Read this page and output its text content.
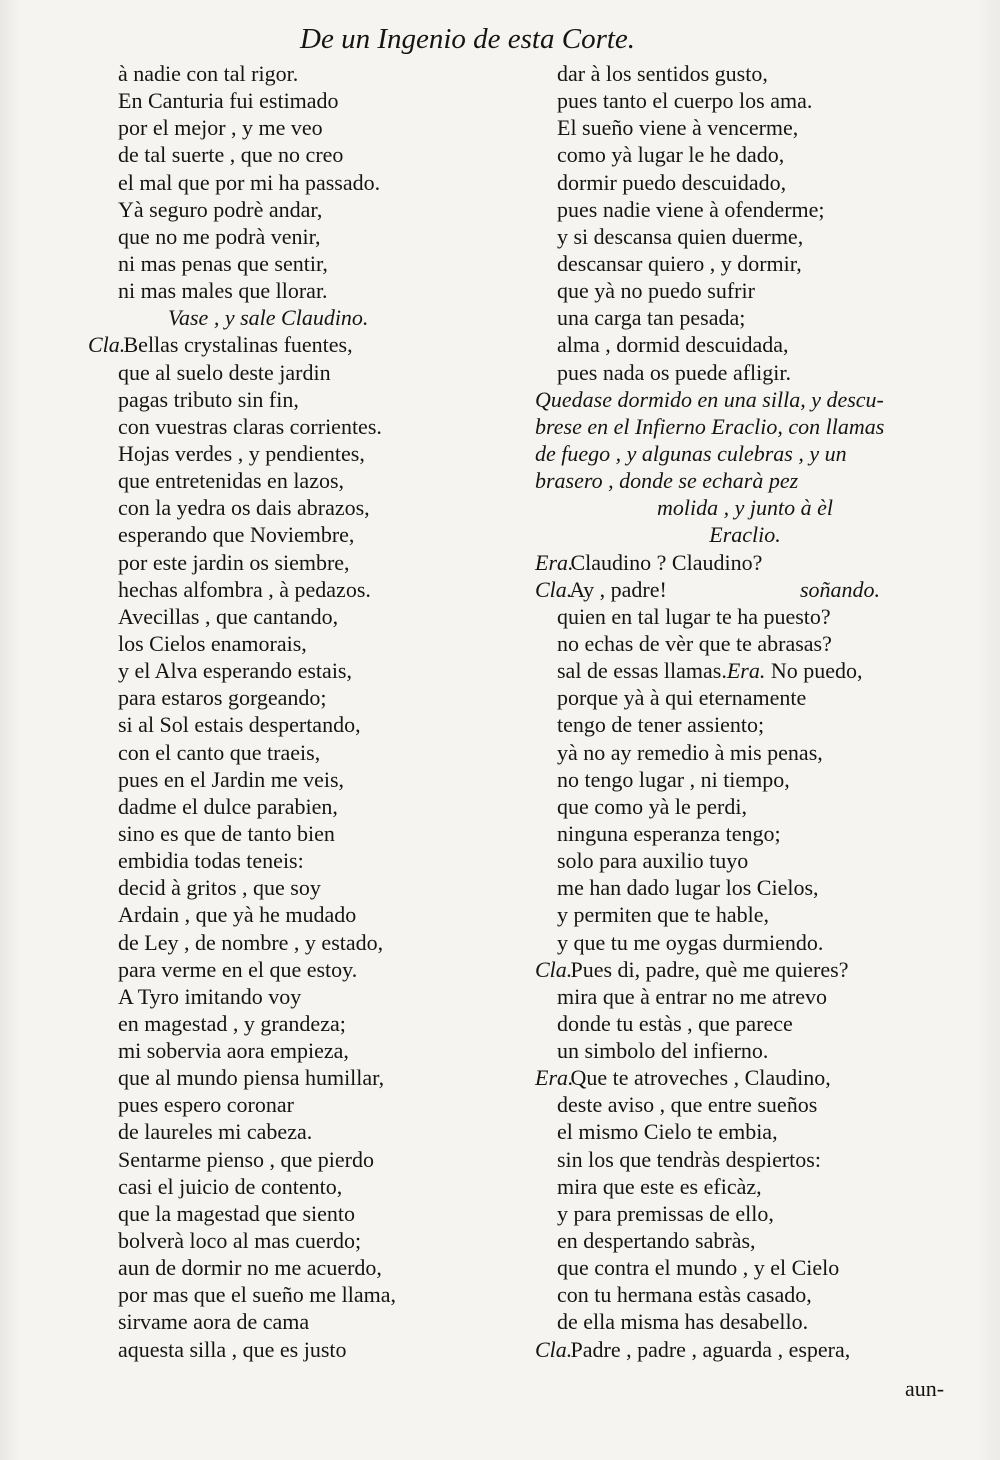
De un Ingenio de esta Corte.
à nadie con tal rigor.
En Canturia fui estimado
por el mejor , y me veo
de tal suerte , que no creo
el mal que por mi ha passado.
Yà seguro podrè andar,
que no me podrà venir,
ni mas penas que sentir,
ni mas males que llorar.
Vase , y sale Claudino.
Cla. Bellas crystalinas fuentes,
que al suelo deste jardin
pagas tributo sin fin,
con vuestras claras corrientes.
Hojas verdes , y pendientes,
que entretenidas en lazos,
con la yedra os dais abrazos,
esperando que Noviembre,
por este jardin os siembre,
hechas alfombra , à pedazos.
Avecillas , que cantando,
los Cielos enamorais,
y el Alva esperando estais,
para estaros gorgeando;
si al Sol estais despertando,
con el canto que traeis,
pues en el Jardin me veis,
dadme el dulce parabien,
sino es que de tanto bien
embidia todas teneis:
decid à gritos , que soy
Ardain , que yà he mudado
de Ley , de nombre , y estado,
para verme en el que estoy.
A Tyro imitando voy
en magestad , y grandeza;
mi sobervia aora empieza,
que al mundo piensa humillar,
pues espero coronar
de laureles mi cabeza.
Sentarme pienso , que pierdo
casi el juicio de contento,
que la magestad que siento
bolverà loco al mas cuerdo;
aun de dormir no me acuerdo,
por mas que el sueño me llama,
sirvame aora de cama
aquesta silla , que es justo
dar à los sentidos gusto,
pues tanto el cuerpo los ama.
El sueño viene à vencerme,
como yà lugar le he dado,
dormir puedo descuidado,
pues nadie viene à ofenderme;
y si descansa quien duerme,
descansar quiero , y dormir,
que yà no puedo sufrir
una carga tan pesada;
alma , dormid descuidada,
pues nada os puede afligir.
Quedase dormido en una silla, y descu-
brese en el Infierno Eraclio, con llamas
de fuego , y algunas culebras , y un
brasero , donde se echarà pez
molida , y junto à èl
Eraclio.
Era. Claudino ? Claudino?
Cla. Ay , padre!	soñando.
quien en tal lugar te ha puesto?
no echas de vèr que te abrasas?
sal de essas llamas.Era. No puedo,
porque yà à qui eternamente
tengo de tener assiento;
yà no ay remedio à mis penas,
no tengo lugar , ni tiempo,
que como yà le perdi,
ninguna esperanza tengo;
solo para auxilio tuyo
me han dado lugar los Cielos,
y permiten que te hable,
y que tu me oygas durmiendo.
Cla. Pues di, padre, què me quieres?
mira que à entrar no me atrevo
donde tu estàs , que parece
un simbolo del infierno.
Era. Que te atroveches , Claudino,
deste aviso , que entre sueños
el mismo Cielo te embia,
sin los que tendràs despiertos:
mira que este es eficàz,
y para premissas de ello,
en despertando sabràs,
que contra el mundo , y el Cielo
con tu hermana estàs casado,
de ella misma has desabello.
Cla. Padre , padre , aguarda , espera,
aun-
